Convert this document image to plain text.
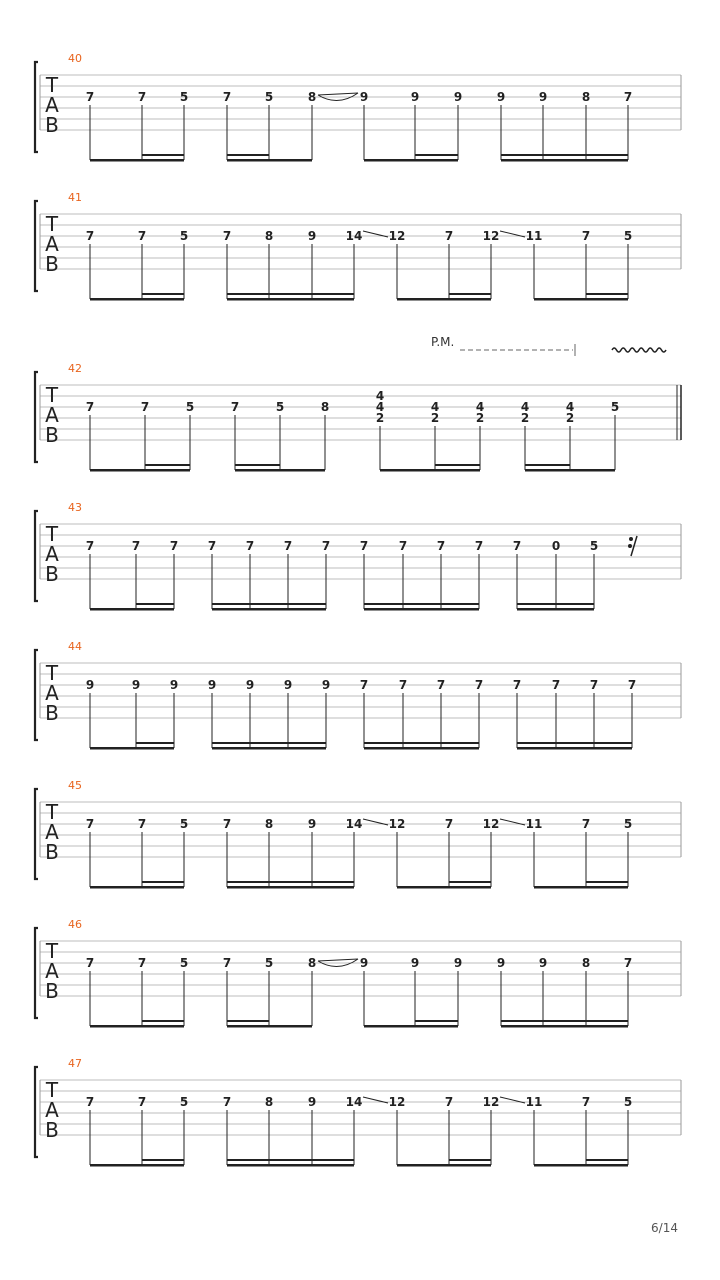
T
A
B
40
7	7	5	7	5	8	9	9	9	9	9	8	7
T
A
B
41
7	7	5	7	8	9 14 12	7 12 11	7	5
T
A
B
42
7	7	5	7	5	8
4
4
2
4
2
4
2
4
2
4
2
5
P.M.
T
A
B
43
7	7 7 7 7 7 7 7	7 7 7 7	0 5
T
A
B
44
9	9 9 9 9 9 9 7	7 7 7 7	7 7 7
T
A
B
45
7	7	5	7	8	9 14 12	7 12 11	7	5
T
A
B
46
7	7	5	7	5	8	9	9	9	9	9	8	7
T
A
B
47
7	7	5	7	8	9 14 12	7 12 11	7	5
6/14
